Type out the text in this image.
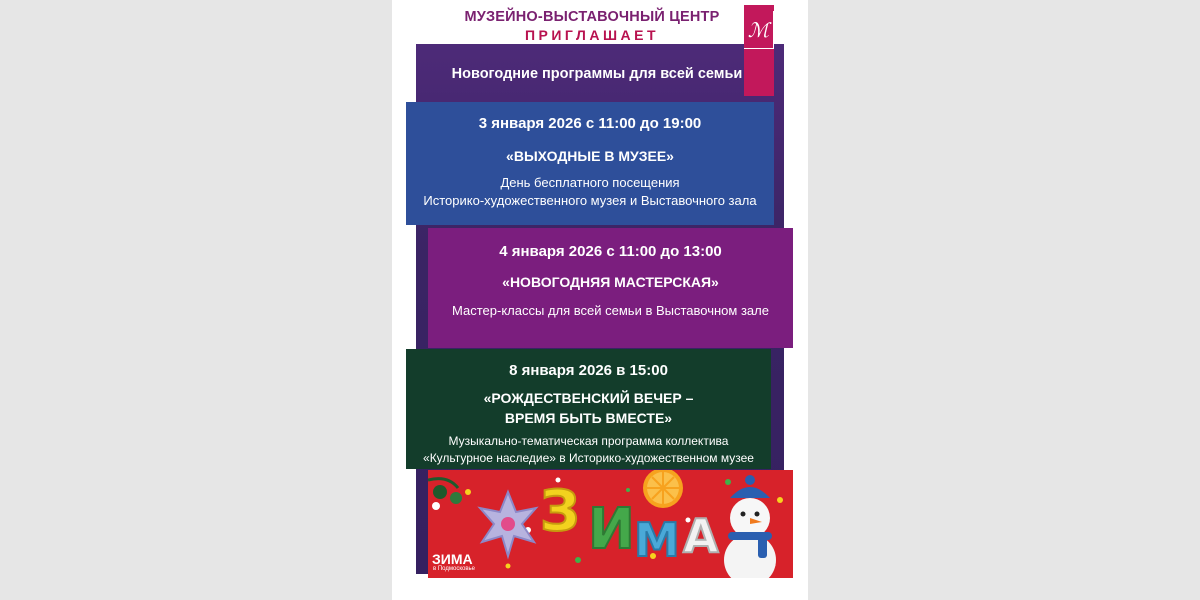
МУЗЕЙНО-ВЫСТАВОЧНЫЙ ЦЕНТР
ПРИГЛАШАЕТ	ℳ
Новогодние программы для всей семьи
3 января 2026 с 11:00 до 19:00
«ВЫХОДНЫЕ В МУЗЕЕ»
День бесплатного посещения
Историко-художественного музея и Выставочного зала
4 января 2026 с 11:00 до 13:00
«НОВОГОДНЯЯ МАСТЕРСКАЯ»
Мастер-классы для всей семьи в Выставочном зале
8 января 2026 в 15:00
«РОЖДЕСТВЕНСКИЙ ВЕЧЕР –
ВРЕМЯ БЫТЬ ВМЕСТЕ»
Музыкально-тематическая программа коллектива
«Культурное наследие» в Историко-художественном музее
З И М А
ЗИМА
в Подмосковье
